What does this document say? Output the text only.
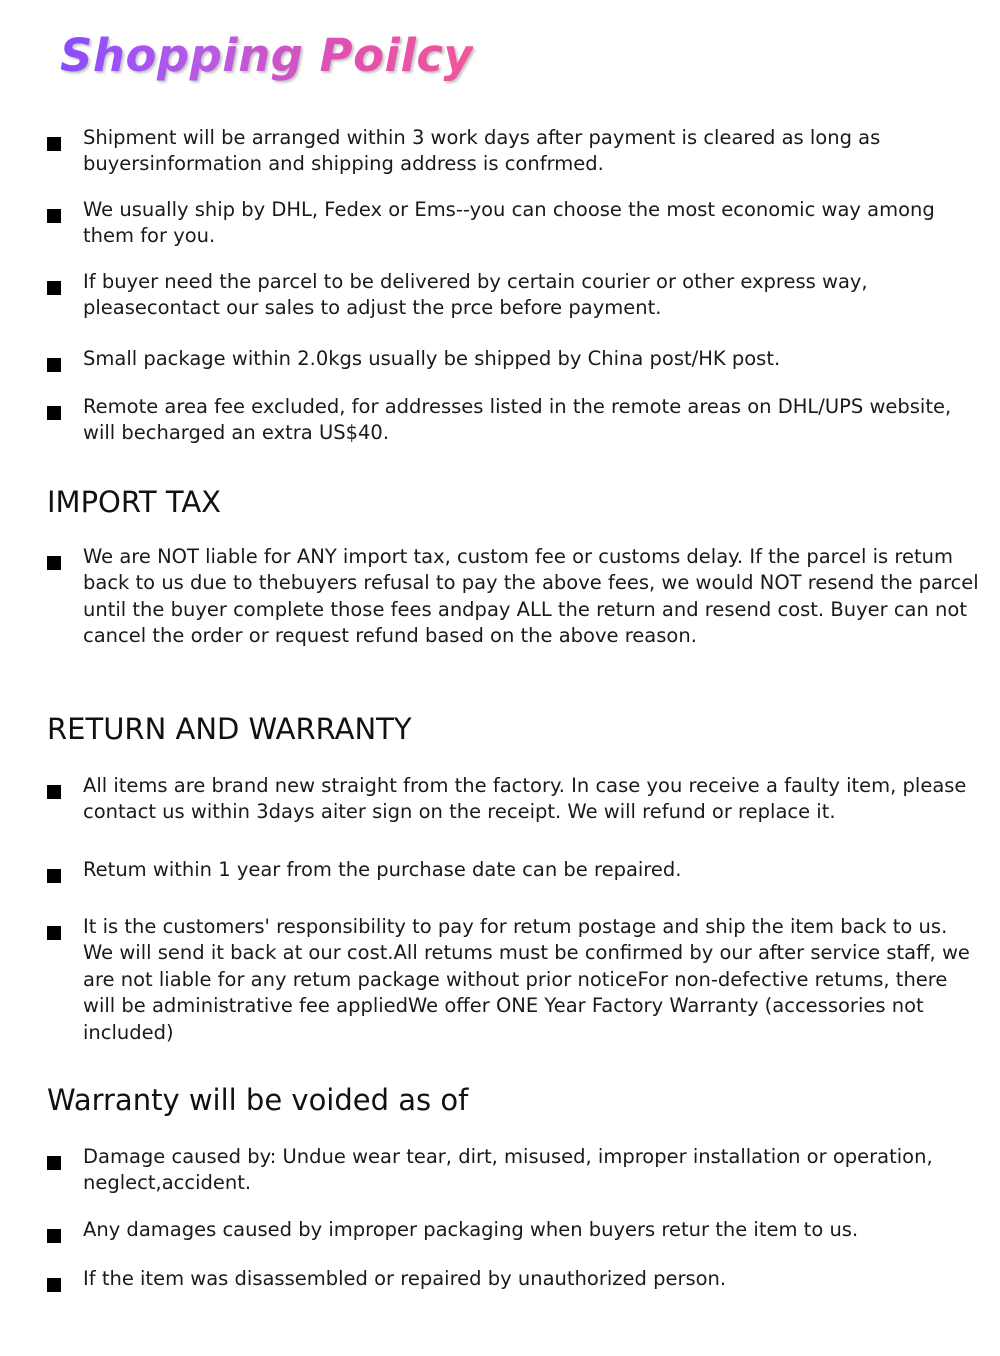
Shopping Poilcy

Shipment will be arranged within 3 work days after payment is cleared as long as buyersinformation and shipping address is confrmed.

We usually ship by DHL, Fedex or Ems--you can choose the most economic way among them for you.

If buyer need the parcel to be delivered by certain courier or other express way, pleasecontact our sales to adjust the prce before payment.

Small package within 2.0kgs usually be shipped by China post/HK post.

Remote area fee excluded, for addresses listed in the remote areas on DHL/UPS website, will becharged an extra US$40.

IMPORT TAX

We are NOT liable for ANY import tax, custom fee or customs delay. If the parcel is retum back to us due to thebuyers refusal to pay the above fees, we would NOT resend the parcel until the buyer complete those fees andpay ALL the return and resend cost. Buyer can not cancel the order or request refund based on the above reason.

RETURN AND WARRANTY

All items are brand new straight from the factory. In case you receive a faulty item, please contact us within 3days aiter sign on the receipt. We will refund or replace it.

Retum within 1 year from the purchase date can be repaired.

It is the customers' responsibility to pay for retum postage and ship the item back to us. We will send it back at our cost.All retums must be confirmed by our after service staff, we are not liable for any retum package without prior noticeFor non-defective retums, there will be administrative fee appliedWe offer ONE Year Factory Warranty (accessories not included)

Warranty will be voided as of

Damage caused by: Undue wear tear, dirt, misused, improper installation or operation, neglect,accident.

Any damages caused by improper packaging when buyers retur the item to us.

If the item was disassembled or repaired by unauthorized person.
